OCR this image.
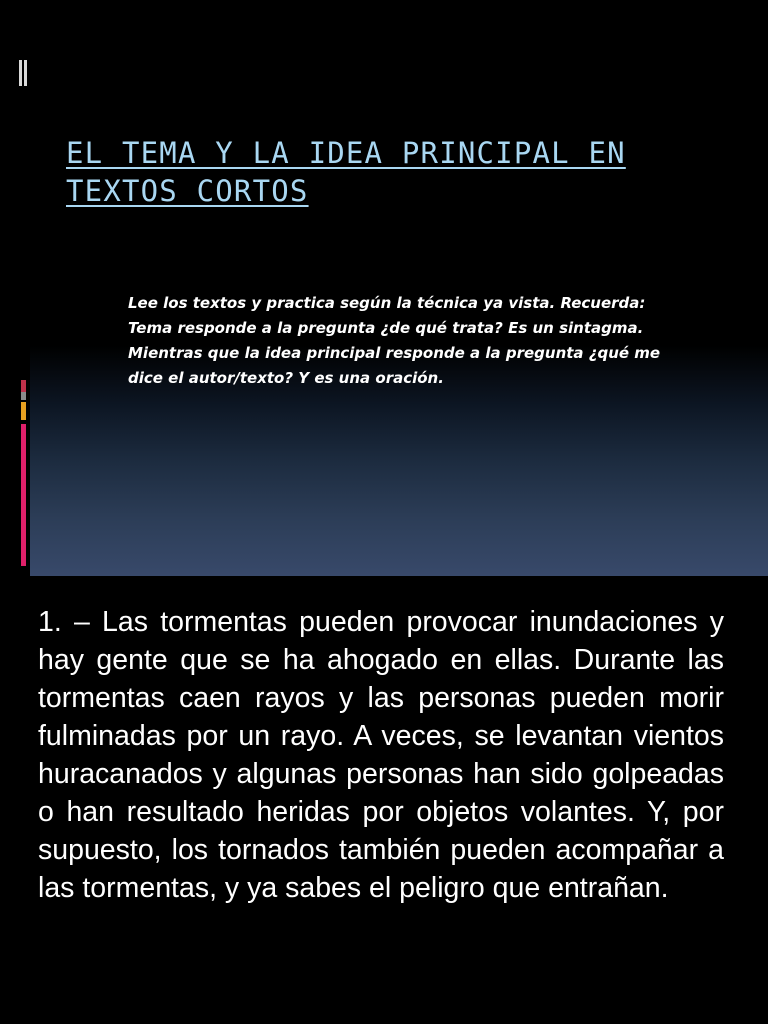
EL TEMA Y LA IDEA PRINCIPAL EN TEXTOS CORTOS

Lee los textos y practica según la técnica ya vista. Recuerda: Tema responde a la pregunta ¿de qué trata? Es un sintagma. Mientras que la idea principal responde a la pregunta ¿qué me dice el autor/texto? Y es una oración.

1. – Las tormentas pueden provocar inundaciones y hay gente que se ha ahogado en ellas. Durante las tormentas caen rayos y las personas pueden morir fulminadas por un rayo. A veces, se levantan vientos huracanados y algunas personas han sido golpeadas o han resultado heridas por objetos volantes. Y, por supuesto, los tornados también pueden acompañar a las tormentas, y ya sabes el peligro que entrañan.
